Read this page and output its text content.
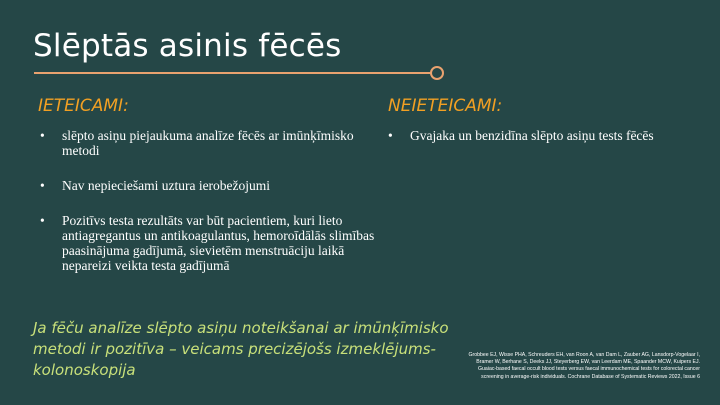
Slēptās asinis fēcēs
IETEICAMI:	NEIETEICAMI:
• slēpto asiņu piejaukuma analīze fēcēs ar imūnķīmisko metodi
• Nav nepieciešami uztura ierobežojumi
• Pozitīvs testa rezultāts var būt pacientiem, kuri lieto antiagregantus un antikoagulantus, hemoroīdālās slimības paasinājuma gadījumā, sievietēm menstruāciju laikā nepareizi veikta testa gadījumā
• Gvajaka un benzidīna slēpto asiņu tests fēcēs
Ja fēču analīze slēpto asiņu noteikšanai ar imūnķīmisko metodi ir pozitīva – veicams precizējošs izmeklējums- kolonoskopija
Grobbee EJ, Wisse PHA, Schreuders EH, van Roon A, van Dam L, Zauber AG, Lansdorp-Vogelaar I, Bramer W, Berhane S, Deeks JJ, Steyerberg EW, van Leerdam ME, Spaander MCW, Kuipers EJ. Guaiac-based faecal occult blood tests versus faecal immunochemical tests for colorectal cancer screening in average-risk individuals. Cochrane Database of Systematic Reviews 2022, Issue 6
